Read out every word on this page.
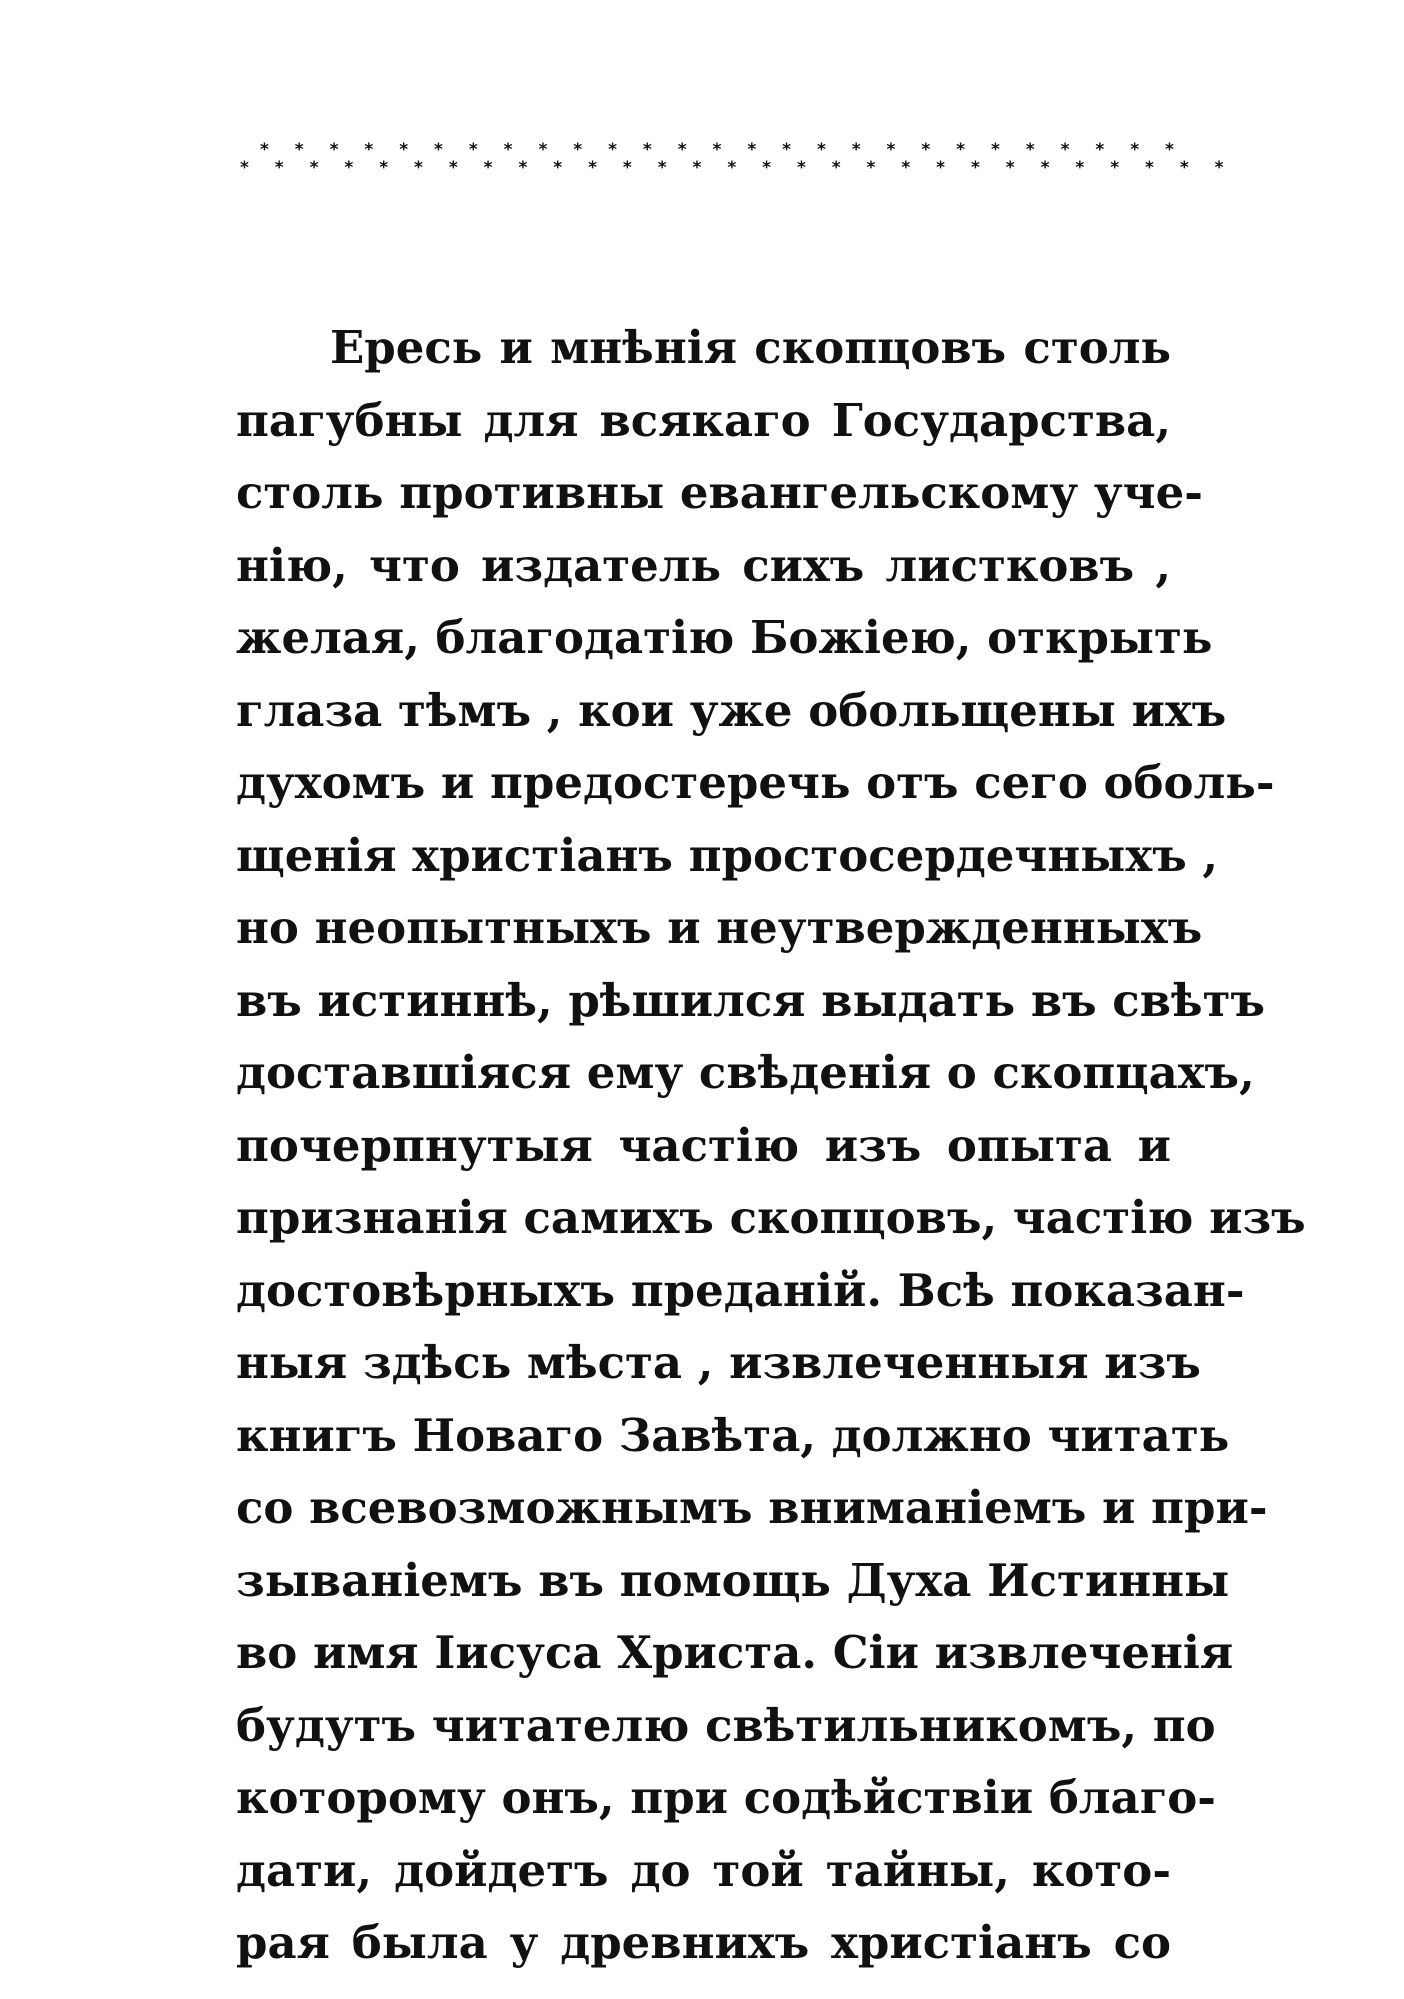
* * * * * * * * * * * * * * * * * * * * * * * * * * *
* * * * * * * * * * * * * * * * * * * * * * * * * * * * *
Ересь и мнѣнія скопцовъ столь
пагубны для всякаго Государства,
столь противны евангельскому уче-
нію, что издатель сихъ листковъ ,
желая, благодатію Божіею, открыть
глаза тѣмъ , кои уже обольщены ихъ
духомъ и предостеречь отъ сего оболь-
щенія христіанъ простосердечныхъ ,
но неопытныхъ и неутвержденныхъ
въ истиннѣ, рѣшился выдать въ свѣтъ
доставшіяся ему свѣденія о скопцахъ,
почерпнутыя частію изъ опыта и
признанія самихъ скопцовъ, частію изъ
достовѣрныхъ преданій. Всѣ показан-
ныя здѣсь мѣста , извлеченныя изъ
книгъ Новаго Завѣта, должно читать
со всевозможнымъ вниманіемъ и при-
зываніемъ въ помощь Духа Истинны
во имя Іисуса Христа. Сіи извлеченія
будутъ читателю свѣтильникомъ, по
которому онъ, при содѣйствіи благо-
дати, дойдетъ до той тайны, кото-
рая была у древнихъ христіанъ со
